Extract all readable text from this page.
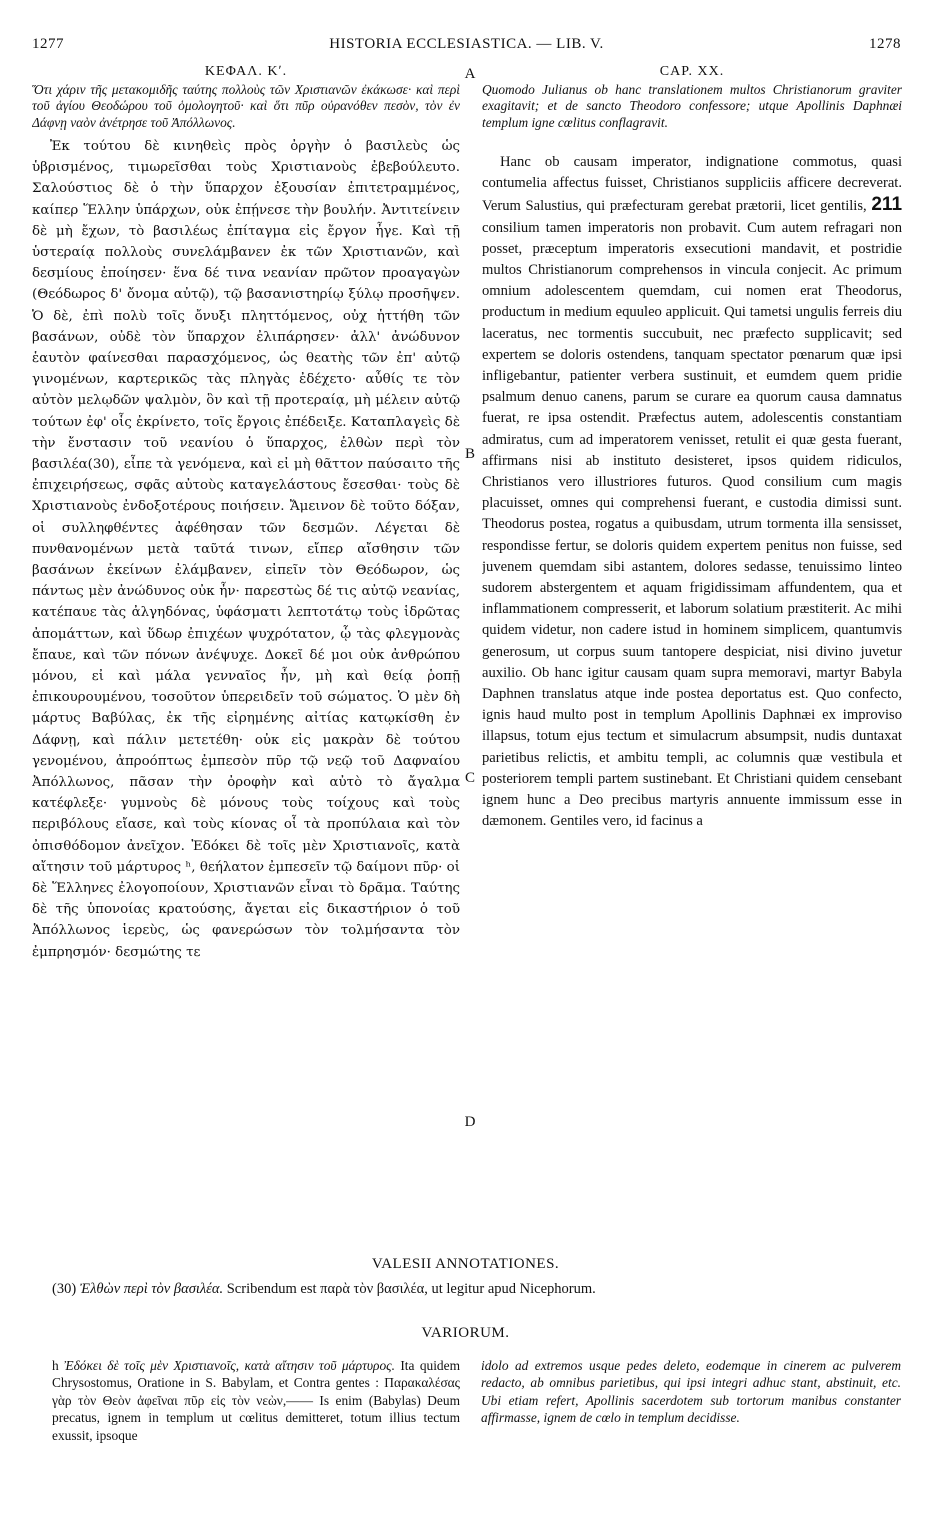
1277	HISTORIA ECCLESIASTICA. — LIB. V.	1278
ΚΕΦΑΛ. Κʹ.

Ὅτι χάριν τῆς μετακομιδῆς ταύτης πολλοὺς τῶν Χριστιανῶν ἐκάκωσε· καὶ περὶ τοῦ ἁγίου Θεοδώρου τοῦ ὁμολογητοῦ· καὶ ὅτι πῦρ οὐρανόθεν πεσὸν, τὸν ἐν Δάφνῃ ναὸν ἀνέτρησε τοῦ Ἀπόλλωνος.

Ἐκ τούτου δὲ κινηθεὶς πρὸς ὀργὴν ὁ βασιλεὺς ὡς ὑβρισμένος, τιμωρεῖσθαι τοὺς Χριστιανοὺς ἐβεβούλευτο. Σαλούστιος δὲ ὁ τὴν ὕπαρχον ἐξουσίαν ἐπιτετραμμένος, καίπερ Ἕλλην ὑπάρχων, οὐκ ἐπῄνεσε τὴν βουλήν. Ἀντιτείνειν δὲ μὴ ἔχων, τὸ βασιλέως ἐπίταγμα εἰς ἔργον ἦγε. Καὶ τῇ ὑστεραίᾳ πολλοὺς συνελάμβανεν ἐκ τῶν Χριστιανῶν, καὶ δεσμίους ἐποίησεν· ἕνα δέ τινα νεανίαν πρῶτον προαγαγὼν (Θεόδωρος δ' ὄνομα αὐτῷ), τῷ βασανιστηρίῳ ξύλῳ προσῆψεν. Ὁ δὲ, ἐπὶ πολὺ τοῖς ὄνυξι πληττόμενος, οὐχ ἡττήθη τῶν βασάνων, οὐδὲ τὸν ὕπαρχον ἐλιπάρησεν· ἀλλ' ἀνώδυνον ἑαυτὸν φαίνεσθαι παρασχόμενος, ὡς θεατὴς τῶν ἐπ' αὐτῷ γινομένων, καρτερικῶς τὰς πληγὰς ἐδέχετο· αὖθίς τε τὸν αὐτὸν μελῳδῶν ψαλμὸν, ὃν καὶ τῇ προτεραίᾳ, μὴ μέλειν αὐτῷ τούτων ἐφ' οἷς ἐκρίνετο, τοῖς ἔργοις ἐπέδειξε. Καταπλαγεὶς δὲ τὴν ἔνστασιν τοῦ νεανίου ὁ ὕπαρχος, ἐλθὼν περὶ τὸν βασιλέα(30), εἶπε τὰ γενόμενα, καὶ εἰ μὴ θᾶττον παύσαιτο τῆς ἐπιχειρήσεως, σφᾶς αὐτοὺς καταγελάστους ἔσεσθαι· τοὺς δὲ Χριστιανοὺς ἐνδοξοτέρους ποιήσειν. Ἄμεινον δὲ τοῦτο δόξαν, οἱ συλληφθέντες ἀφέθησαν τῶν δεσμῶν. Λέγεται δὲ πυνθανομένων μετὰ ταῦτά τινων, εἴπερ αἴσθησιν τῶν βασάνων ἐκείνων ἐλάμβανεν, εἰπεῖν τὸν Θεόδωρον, ὡς πάντως μὲν ἀνώδυνος οὐκ ἦν· παρεστὼς δέ τις αὐτῷ νεανίας, κατέπαυε τὰς ἀλγηδόνας, ὑφάσματι λεπτοτάτῳ τοὺς ἱδρῶτας ἀπομάττων, καὶ ὕδωρ ἐπιχέων ψυχρότατον, ᾧ τὰς φλεγμονὰς ἔπαυε, καὶ τῶν πόνων ἀνέψυχε. Δοκεῖ δέ μοι οὐκ ἀνθρώπου μόνου, εἰ καὶ μάλα γενναῖος ἦν, μὴ καὶ θείᾳ ῥοπῇ ἐπικουρουμένου, τοσοῦτον ὑπερειδεῖν τοῦ σώματος. Ὁ μὲν δὴ μάρτυς Βαβύλας, ἐκ τῆς εἰρημένης αἰτίας κατῳκίσθη ἐν Δάφνῃ, καὶ πάλιν μετετέθη· οὐκ εἰς μακρὰν δὲ τούτου γενομένου, ἀπροόπτως ἐμπεσὸν πῦρ τῷ νεῷ τοῦ Δαφναίου Ἀπόλλωνος, πᾶσαν τὴν ὀροφὴν καὶ αὐτὸ τὸ ἄγαλμα κατέφλεξε· γυμνοὺς δὲ μόνους τοὺς τοίχους καὶ τοὺς περιβόλους εἴασε, καὶ τοὺς κίονας οἷ τὰ προπύλαια καὶ τὸν ὀπισθόδομον ἀνεῖχον. Ἐδόκει δὲ τοῖς μὲν Χριστιανοῖς, κατὰ αἴτησιν τοῦ μάρτυρος ʰ, θεήλατον ἐμπεσεῖν τῷ δαίμονι πῦρ· οἱ δὲ Ἕλληνες ἐλογοποίουν, Χριστιανῶν εἶναι τὸ δρᾶμα. Ταύτης δὲ τῆς ὑπονοίας κρατούσης, ἄγεται εἰς δικαστήριον ὁ τοῦ Ἀπόλλωνος ἱερεὺς, ὡς φανερώσων τὸν τολμήσαντα τὸν ἐμπρησμόν· δεσμώτης τε

CAP. XX.

Quomodo Julianus ob hanc translationem multos Christianorum graviter exagitavit; et de sancto Theodoro confessore; utque Apollinis Daphnæi templum igne cœlitus conflagravit.

Hanc ob causam imperator, indignatione commotus, quasi contumelia affectus fuisset, Christianos suppliciis afficere decreverat. Verum Salustius, qui præfecturam gerebat prætorii, licet gentilis, 211 consilium tamen imperatoris non probavit. Cum autem refragari non posset, præceptum imperatoris exsecutioni mandavit, et postridie multos Christianorum comprehensos in vincula conjecit. Ac primum omnium adolescentem quemdam, cui nomen erat Theodorus, productum in medium equuleo applicuit. Qui tametsi ungulis ferreis diu laceratus, nec tormentis succubuit, nec præfecto supplicavit; sed expertem se doloris ostendens, tanquam spectator pœnarum quæ ipsi infligebantur, patienter verbera sustinuit, et eumdem quem pridie psalmum denuo canens, parum se curare ea quorum causa damnatus fuerat, re ipsa ostendit. Præfectus autem, adolescentis constantiam admiratus, cum ad imperatorem venisset, retulit ei quæ gesta fuerant, affirmans nisi ab instituto desisteret, ipsos quidem ridiculos, Christianos vero illustriores futuros. Quod consilium cum magis placuisset, omnes qui comprehensi fuerant, e custodia dimissi sunt. Theodorus postea, rogatus a quibusdam, utrum tormenta illa sensisset, respondisse fertur, se doloris quidem expertem penitus non fuisse, sed juvenem quemdam sibi astantem, dolores sedasse, tenuissimo linteo sudorem abstergentem et aquam frigidissimam affundentem, qua et inflammationem compresserit, et laborum solatium præstiterit. Ac mihi quidem videtur, non cadere istud in hominem simplicem, quantumvis generosum, ut corpus suum tantopere despiciat, nisi divino juvetur auxilio. Ob hanc igitur causam quam supra memoravi, martyr Babyla Daphnen translatus atque inde postea deportatus est. Quo confecto, ignis haud multo post in templum Apollinis Daphnæi ex improviso illapsus, totum ejus tectum et simulacrum absumpsit, nudis duntaxat parietibus relictis, et ambitu templi, ac columnis quæ vestibula et posteriorem templi partem sustinebant. Et Christiani quidem censebant ignem hunc a Deo precibus martyris annuente immissum esse in dæmonem. Gentiles vero, id facinus a

A
B
C
D
VALESII ANNOTATIONES.
(30) Ἐλθὼν περὶ τὸν βασιλέα. Scribendum est παρὰ τὸν βασιλέα, ut legitur apud Nicephorum.
VARIORUM.

h Ἐδόκει δὲ τοῖς μὲν Χριστιανοῖς, κατὰ αἴτησιν τοῦ μάρτυρος. Ita quidem Chrysostomus, Oratione in S. Babylam, et Contra gentes : Παρακαλέσας γὰρ τὸν Θεὸν ἀφεῖναι πῦρ εἰς τὸν νεὼν,—— Is enim (Babylas) Deum precatus, ignem in templum ut cœlitus demitteret, totum illius tectum exussit, ipsoque

idolo ad extremos usque pedes deleto, eodemque in cinerem ac pulverem redacto, ab omnibus parietibus, qui ipsi integri adhuc stant, abstinuit, etc. Ubi etiam refert, Apollinis sacerdotem sub tortorum manibus constanter affirmasse, ignem de cœlo in templum decidisse.
